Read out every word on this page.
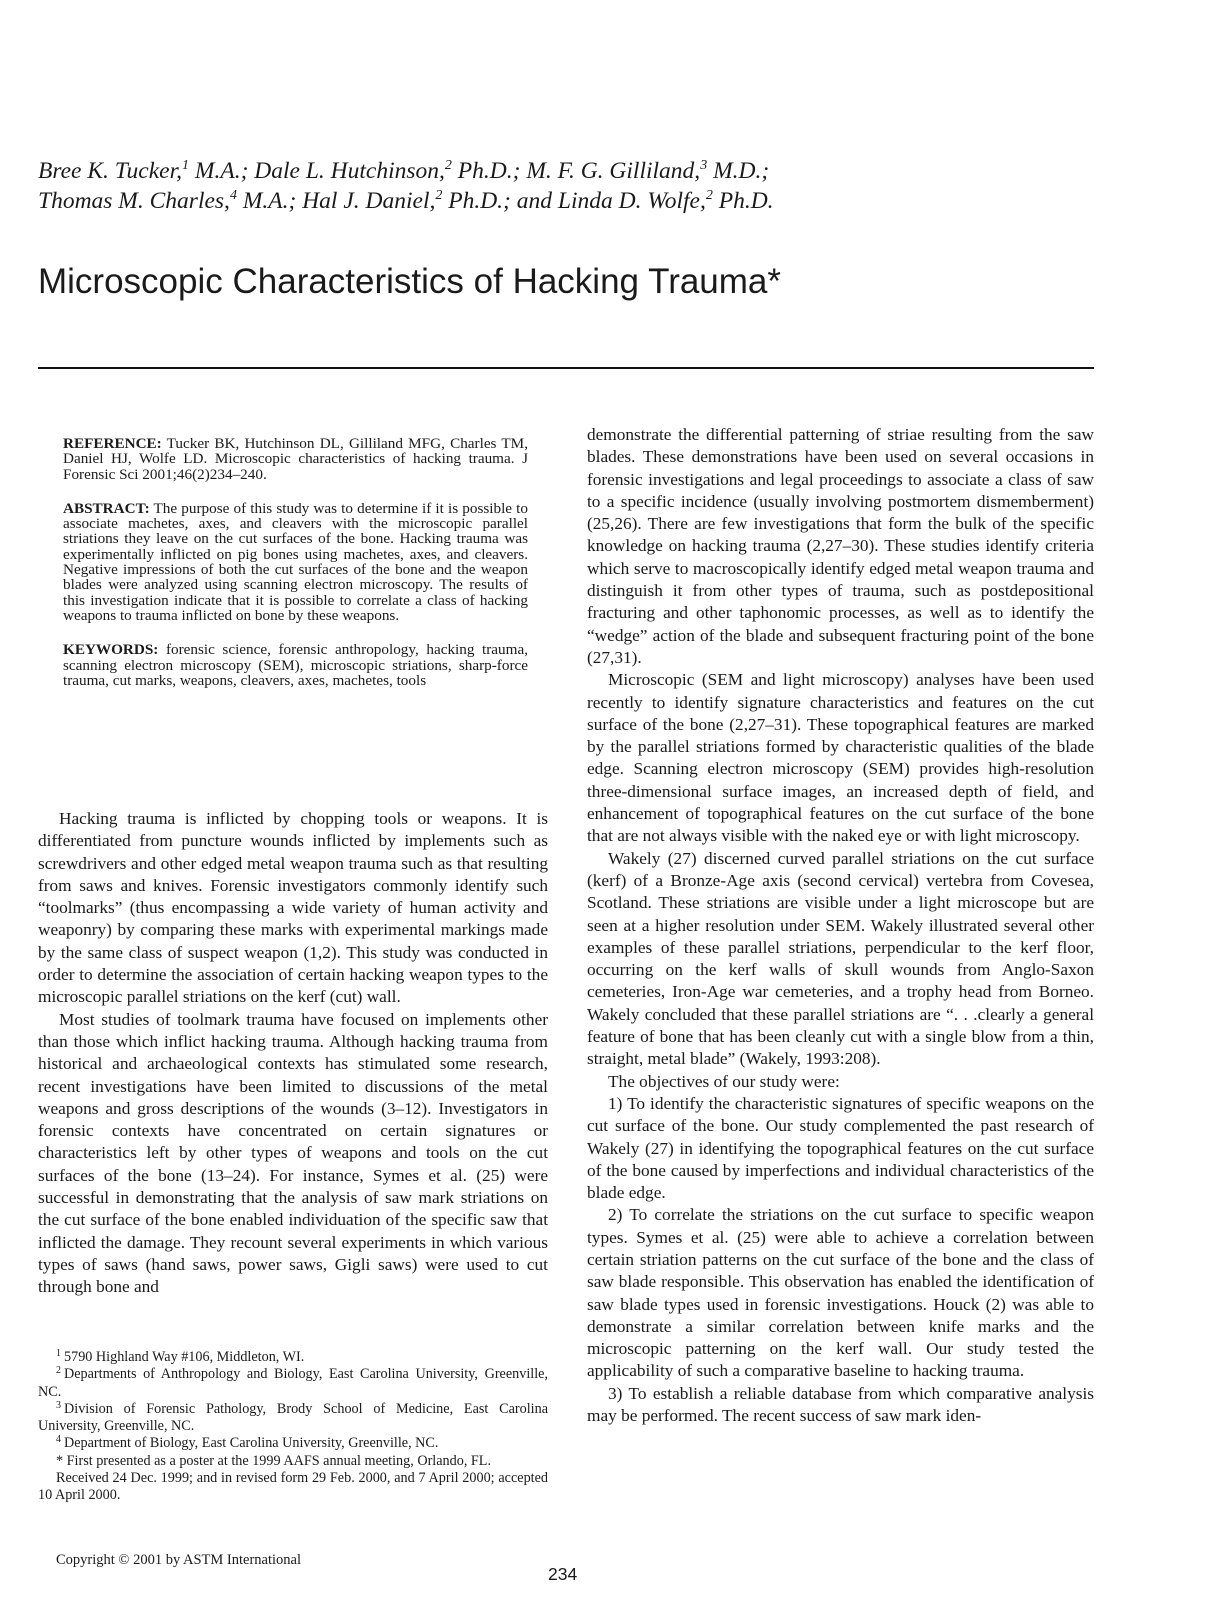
Bree K. Tucker,$^1$ M.A.; Dale L. Hutchinson,$^2$ Ph.D.; M. F. G. Gilliland,$^3$ M.D.;
Thomas M. Charles,$^4$ M.A.; Hal J. Daniel,$^2$ Ph.D.; and Linda D. Wolfe,$^2$ Ph.D.
Microscopic Characteristics of Hacking Trauma*

REFERENCE: Tucker BK, Hutchinson DL, Gilliland MFG, Charles TM, Daniel HJ, Wolfe LD. Microscopic characteristics of hacking trauma. J Forensic Sci 2001;46(2)234–240.

ABSTRACT: The purpose of this study was to determine if it is possible to associate machetes, axes, and cleavers with the microscopic parallel striations they leave on the cut surfaces of the bone. Hacking trauma was experimentally inflicted on pig bones using machetes, axes, and cleavers. Negative impressions of both the cut surfaces of the bone and the weapon blades were analyzed using scanning electron microscopy. The results of this investigation indicate that it is possible to correlate a class of hacking weapons to trauma inflicted on bone by these weapons.

KEYWORDS: forensic science, forensic anthropology, hacking trauma, scanning electron microscopy (SEM), microscopic striations, sharp-force trauma, cut marks, weapons, cleavers, axes, machetes, tools

Hacking trauma is inflicted by chopping tools or weapons. It is differentiated from puncture wounds inflicted by implements such as screwdrivers and other edged metal weapon trauma such as that resulting from saws and knives. Forensic investigators commonly identify such “toolmarks” (thus encompassing a wide variety of human activity and weaponry) by comparing these marks with experimental markings made by the same class of suspect weapon (1,2). This study was conducted in order to determine the association of certain hacking weapon types to the microscopic parallel striations on the kerf (cut) wall.

Most studies of toolmark trauma have focused on implements other than those which inflict hacking trauma. Although hacking trauma from historical and archaeological contexts has stimulated some research, recent investigations have been limited to discussions of the metal weapons and gross descriptions of the wounds (3–12). Investigators in forensic contexts have concentrated on certain signatures or characteristics left by other types of weapons and tools on the cut surfaces of the bone (13–24). For instance, Symes et al. (25) were successful in demonstrating that the analysis of saw mark striations on the cut surface of the bone enabled individuation of the specific saw that inflicted the damage. They recount several experiments in which various types of saws (hand saws, power saws, Gigli saws) were used to cut through bone and

demonstrate the differential patterning of striae resulting from the saw blades. These demonstrations have been used on several occasions in forensic investigations and legal proceedings to associate a class of saw to a specific incidence (usually involving postmortem dismemberment) (25,26). There are few investigations that form the bulk of the specific knowledge on hacking trauma (2,27–30). These studies identify criteria which serve to macroscopically identify edged metal weapon trauma and distinguish it from other types of trauma, such as postdepositional fracturing and other taphonomic processes, as well as to identify the “wedge” action of the blade and subsequent fracturing point of the bone (27,31).

Microscopic (SEM and light microscopy) analyses have been used recently to identify signature characteristics and features on the cut surface of the bone (2,27–31). These topographical features are marked by the parallel striations formed by characteristic qualities of the blade edge. Scanning electron microscopy (SEM) provides high-resolution three-dimensional surface images, an increased depth of field, and enhancement of topographical features on the cut surface of the bone that are not always visible with the naked eye or with light microscopy.

Wakely (27) discerned curved parallel striations on the cut surface (kerf) of a Bronze-Age axis (second cervical) vertebra from Covesea, Scotland. These striations are visible under a light microscope but are seen at a higher resolution under SEM. Wakely illustrated several other examples of these parallel striations, perpendicular to the kerf floor, occurring on the kerf walls of skull wounds from Anglo-Saxon cemeteries, Iron-Age war cemeteries, and a trophy head from Borneo. Wakely concluded that these parallel striations are “. . .clearly a general feature of bone that has been cleanly cut with a single blow from a thin, straight, metal blade” (Wakely, 1993:208).

The objectives of our study were:

1) To identify the characteristic signatures of specific weapons on the cut surface of the bone. Our study complemented the past research of Wakely (27) in identifying the topographical features on the cut surface of the bone caused by imperfections and individual characteristics of the blade edge.

2) To correlate the striations on the cut surface to specific weapon types. Symes et al. (25) were able to achieve a correlation between certain striation patterns on the cut surface of the bone and the class of saw blade responsible. This observation has enabled the identification of saw blade types used in forensic investigations. Houck (2) was able to demonstrate a similar correlation between knife marks and the microscopic patterning on the kerf wall. Our study tested the applicability of such a comparative baseline to hacking trauma.

3) To establish a reliable database from which comparative analysis may be performed. The recent success of saw mark iden-

$^1$ 5790 Highland Way #106, Middleton, WI.

$^2$ Departments of Anthropology and Biology, East Carolina University, Greenville, NC.

$^3$ Division of Forensic Pathology, Brody School of Medicine, East Carolina University, Greenville, NC.

$^4$ Department of Biology, East Carolina University, Greenville, NC.

* First presented as a poster at the 1999 AAFS annual meeting, Orlando, FL.

Received 24 Dec. 1999; and in revised form 29 Feb. 2000, and 7 April 2000; accepted 10 April 2000.

Copyright © 2001 by ASTM International
234
